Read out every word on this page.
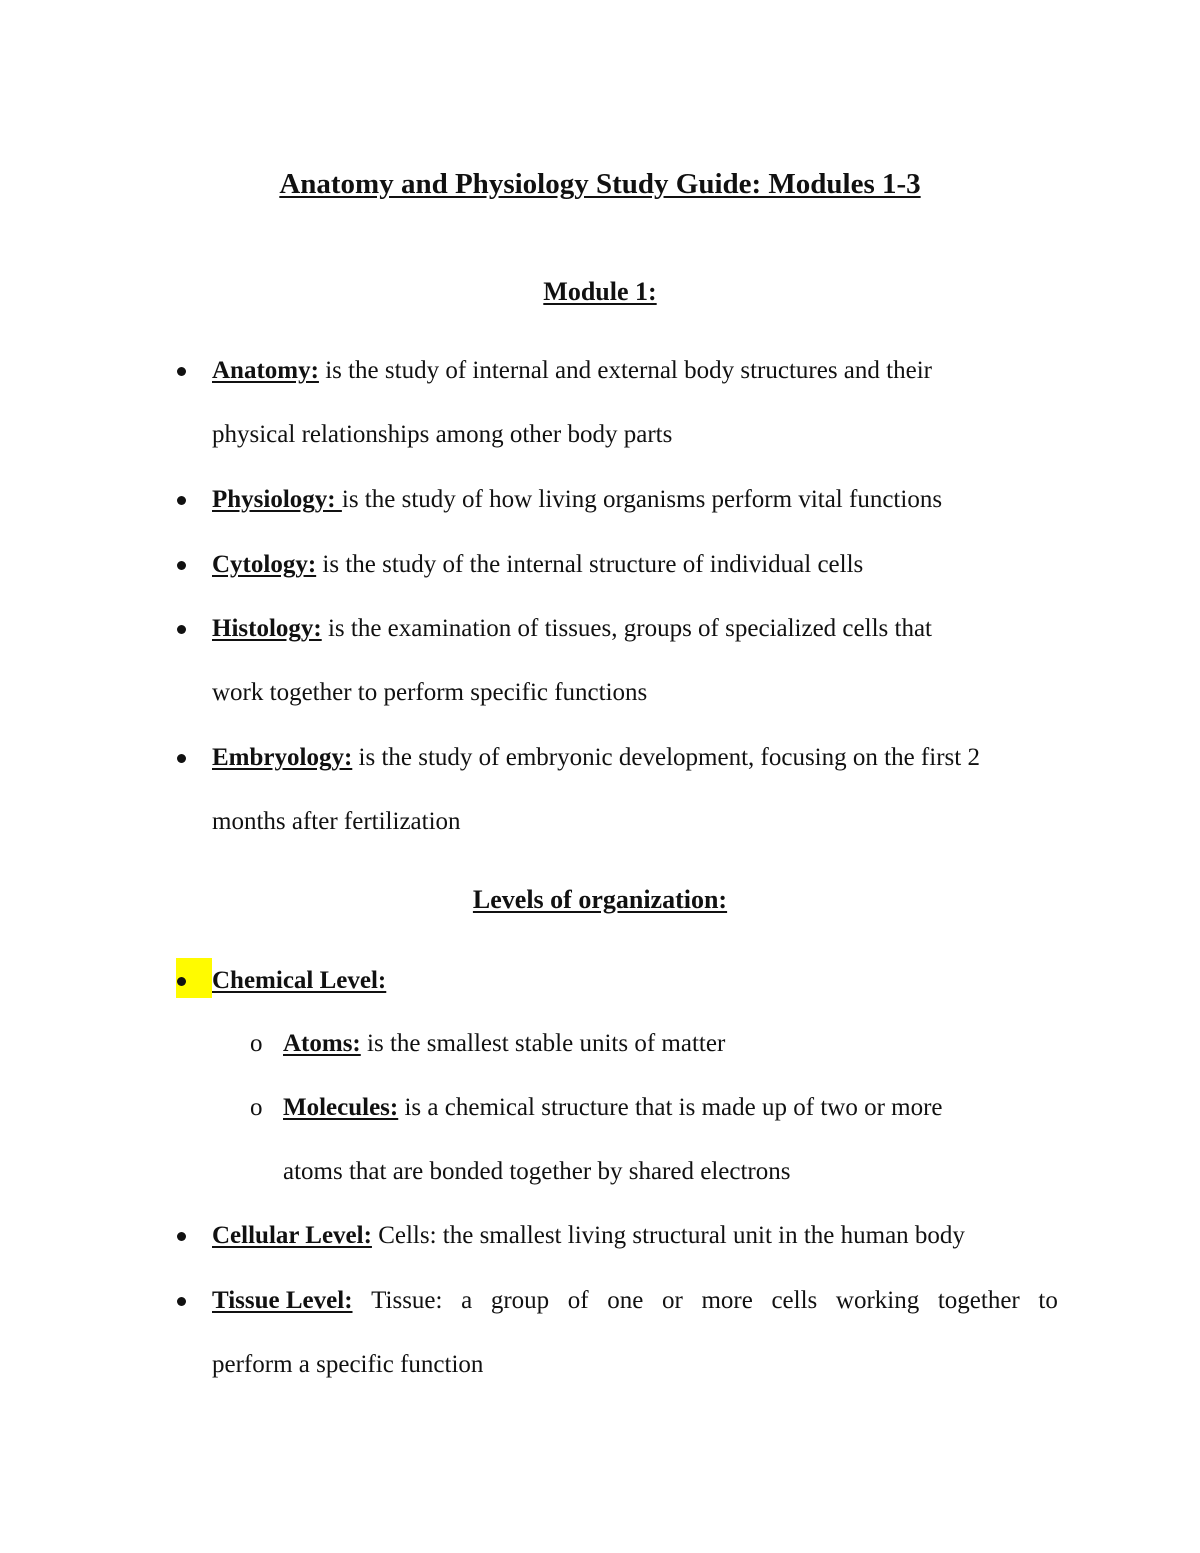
Anatomy and Physiology Study Guide: Modules 1-3
Module 1:
Anatomy: is the study of internal and external body structures and their
physical relationships among other body parts
Physiology: is the study of how living organisms perform vital functions
Cytology: is the study of the internal structure of individual cells
Histology: is the examination of tissues, groups of specialized cells that
work together to perform specific functions
Embryology: is the study of embryonic development, focusing on the first 2
months after fertilization
Levels of organization:
Chemical Level:
o Atoms: is the smallest stable units of matter
o Molecules: is a chemical structure that is made up of two or more
atoms that are bonded together by shared electrons
Cellular Level: Cells: the smallest living structural unit in the human body
Tissue Level: Tissue: a group of one or more cells working together to
perform a specific function
